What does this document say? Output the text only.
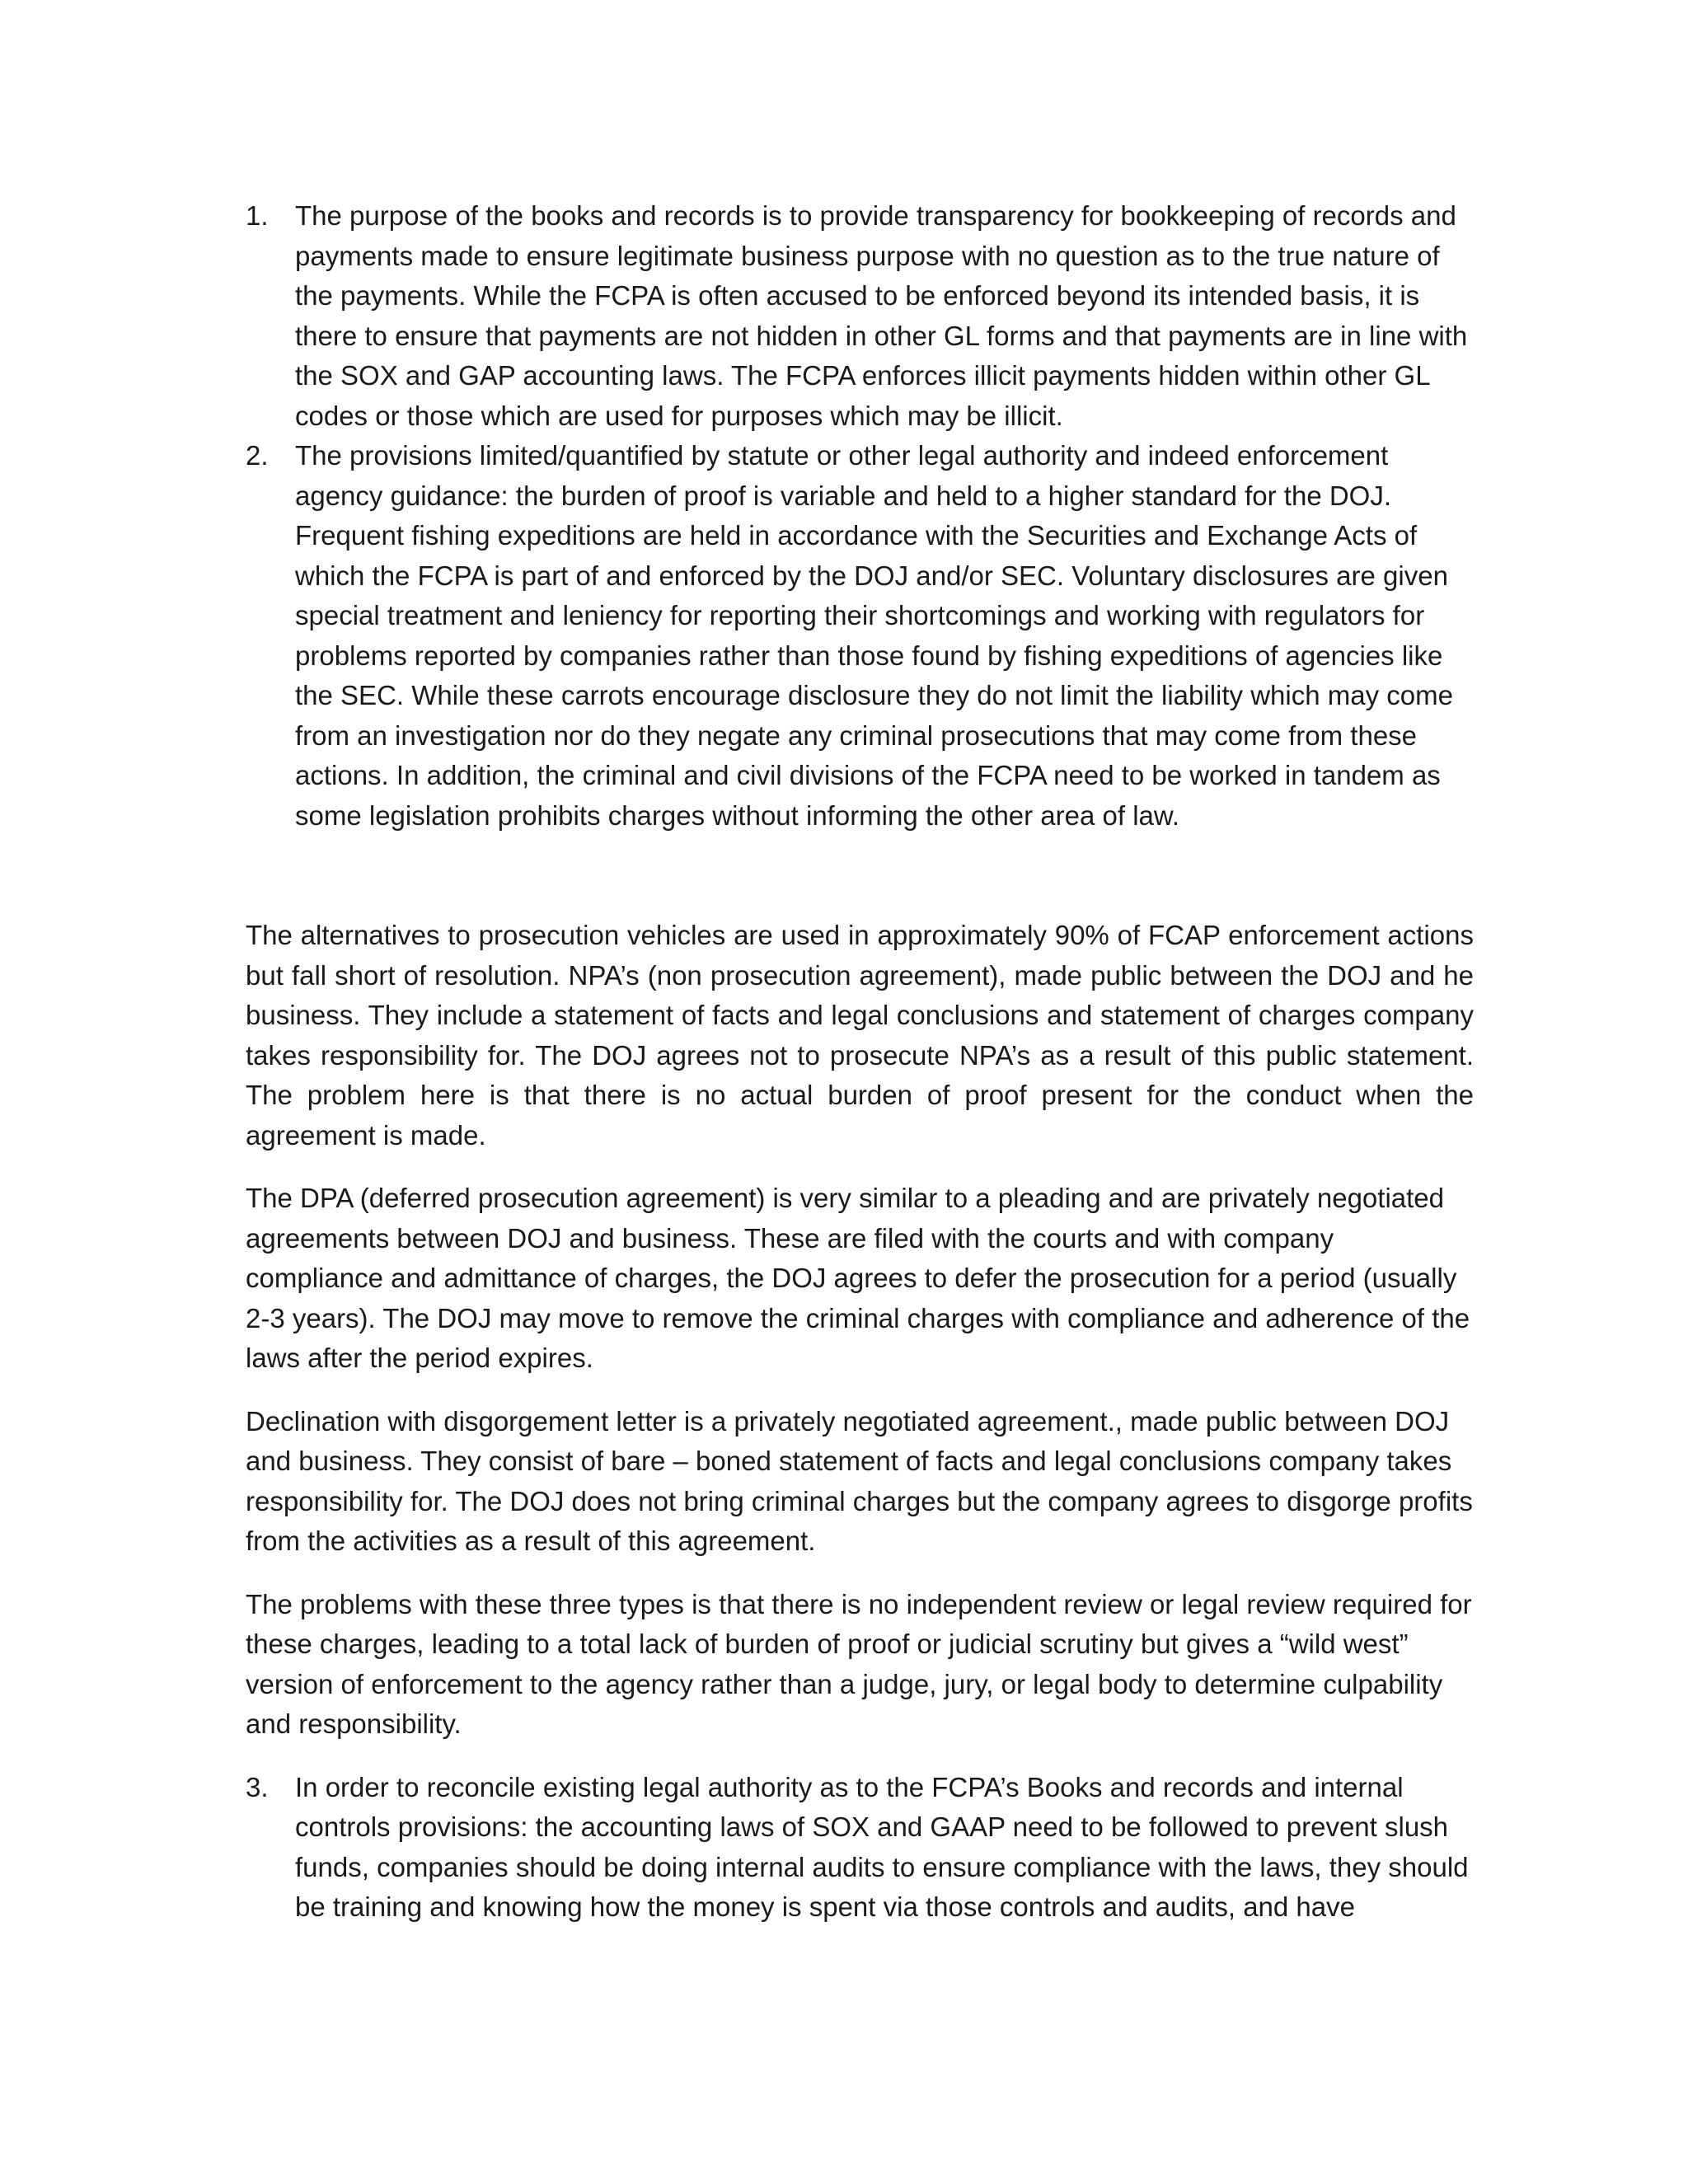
1. The purpose of the books and records is to provide transparency for bookkeeping of records and payments made to ensure legitimate business purpose with no question as to the true nature of the payments. While the FCPA is often accused to be enforced beyond its intended basis, it is there to ensure that payments are not hidden in other GL forms and that payments are in line with the SOX and GAP accounting laws. The FCPA enforces illicit payments hidden within other GL codes or those which are used for purposes which may be illicit.
2. The provisions limited/quantified by statute or other legal authority and indeed enforcement agency guidance: the burden of proof is variable and held to a higher standard for the DOJ. Frequent fishing expeditions are held in accordance with the Securities and Exchange Acts of which the FCPA is part of and enforced by the DOJ and/or SEC. Voluntary disclosures are given special treatment and leniency for reporting their shortcomings and working with regulators for problems reported by companies rather than those found by fishing expeditions of agencies like the SEC. While these carrots encourage disclosure they do not limit the liability which may come from an investigation nor do they negate any criminal prosecutions that may come from these actions. In addition, the criminal and civil divisions of the FCPA need to be worked in tandem as some legislation prohibits charges without informing the other area of law.

The alternatives to prosecution vehicles are used in approximately 90% of FCAP enforcement actions but fall short of resolution. NPA’s (non prosecution agreement), made public between the DOJ and he business. They include a statement of facts and legal conclusions and statement of charges company takes responsibility for. The DOJ agrees not to prosecute NPA’s as a result of this public statement. The problem here is that there is no actual burden of proof present for the conduct when the agreement is made.

The DPA (deferred prosecution agreement) is very similar to a pleading and are privately negotiated agreements between DOJ and business. These are filed with the courts and with company compliance and admittance of charges, the DOJ agrees to defer the prosecution for a period (usually 2-3 years). The DOJ may move to remove the criminal charges with compliance and adherence of the laws after the period expires.

Declination with disgorgement letter is a privately negotiated agreement., made public between DOJ and business. They consist of bare – boned statement of facts and legal conclusions company takes responsibility for. The DOJ does not bring criminal charges but the company agrees to disgorge profits from the activities as a result of this agreement.

The problems with these three types is that there is no independent review or legal review required for these charges, leading to a total lack of burden of proof or judicial scrutiny but gives a “wild west” version of enforcement to the agency rather than a judge, jury, or legal body to determine culpability and responsibility.

3. In order to reconcile existing legal authority as to the FCPA’s Books and records and internal controls provisions: the accounting laws of SOX and GAAP need to be followed to prevent slush funds, companies should be doing internal audits to ensure compliance with the laws, they should be training and knowing how the money is spent via those controls and audits, and have
